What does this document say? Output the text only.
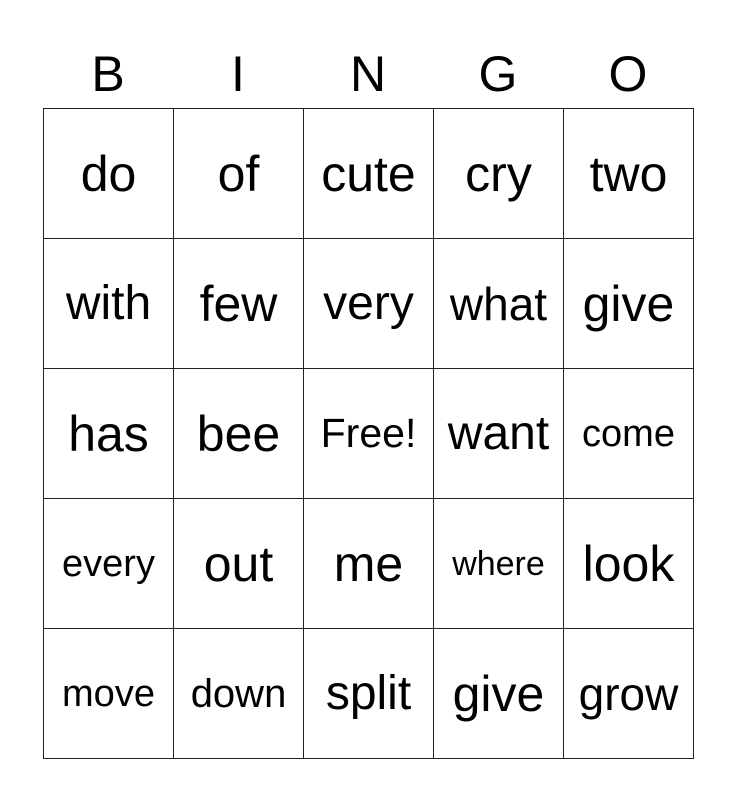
B	I	N	G	O
do of cute cry two
with few very what give
has bee Free! want come
every out me where look
move down split give grow
